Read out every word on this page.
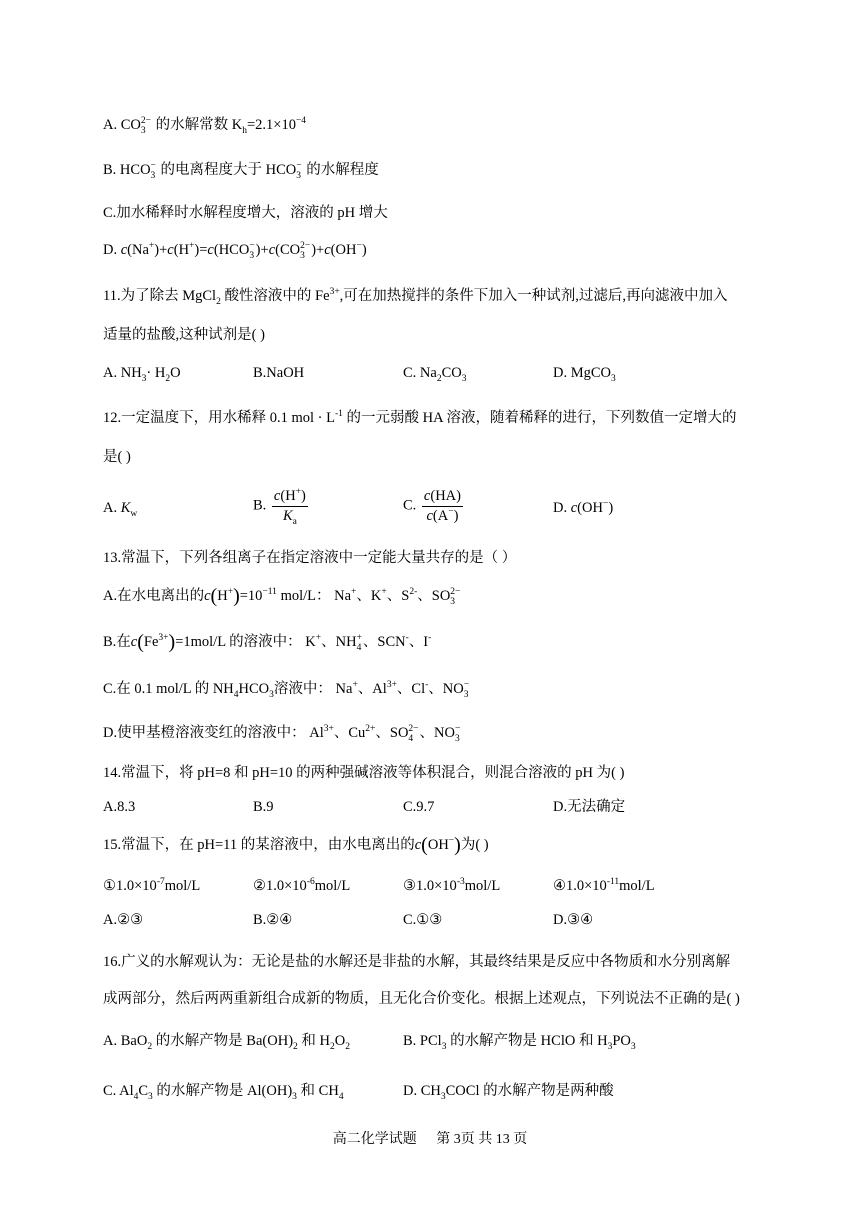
A. CO 2−
3 的水解常数 $K_h=2.1\times 10^{-4}$
B. HCO −
3 的电离程度大于 HCO −
3 的水解程度
C.加水稀释时水解程度增大，溶液的 pH 增大
D. c(Na+)+c(H+)=c(HCO −
3 )+c(CO 2−
3 )+c(OH−)
11.为了除去 MgCl$_2$ 酸性溶液中的 $Fe^{3+}$,可在加热搅拌的条件下加入一种试剂,过滤后,再向滤液中加入
适量的盐酸,这种试剂是( )
A. $NH_3\cdot H_2O$	B.NaOH	C. $Na_2CO_3$	D. MgCO$_3$
12.一定温度下，用水稀释 0.1 mol · $L^{-1}$ 的一元弱酸 HA 溶液，随着稀释的进行，下列数值一定增大的
是( )
A. $K_w$
B. $\frac{c(H^+)}{K_a}$	C. $\frac{c(HA)}{c(A^-)}$	D. c(OH−)
13.常温下，下列各组离子在指定溶液中一定能大量共存的是（ ）
A.在水电离出的$c(H^+)=10^{-11}$ mol/L： Na+、K+、$S^{2-}$、SO 2−
3
B.在$c(Fe^{3+})=1mol/L$ 的溶液中： K+、NH +
4 、SCN-、I-
C.在 0.1 mol/L 的 $NH_4HCO_3$溶液中： Na+、$Al^{3+}$、Cl-、NO −
3
D.使甲基橙溶液变红的溶液中： $Al^{3+}$、$Cu^{2+}$、SO 2−
4 、NO −
3
14.常温下，将 pH=8 和 pH=10 的两种强碱溶液等体积混合，则混合溶液的 pH 为( )
A.8.3	B.9	C.9.7	D.无法确定
15.常温下，在 pH=11 的某溶液中，由水电离出的c(OH−)为( )
$①1.0\times 10^{-7}mol/L$	$②1.0\times 10^{-6}mol/L$	$③1.0\times 10^{-3}mol/L$	$④1.0\times 10^{-11}mol/L$
A.②③	B.②④	C.①③	D.③④
16.广义的水解观认为：无论是盐的水解还是非盐的水解，其最终结果是反应中各物质和水分别离解
成两部分，然后两两重新组合成新的物质，且无化合价变化。根据上述观点，下列说法不正确的是( )
A. BaO$_2$ 的水解产物是 $Ba(OH)_2$ 和 $H_2O_2$	B. PCl$_3$ 的水解产物是 HClO 和 $H_3PO_3$
C. $Al_4C_3$ 的水解产物是 $Al(OH)_3$ 和 $CH_4$	D. $CH_3COCl$ 的水解产物是两种酸
高二化学试题 第 3页 共 13 页
